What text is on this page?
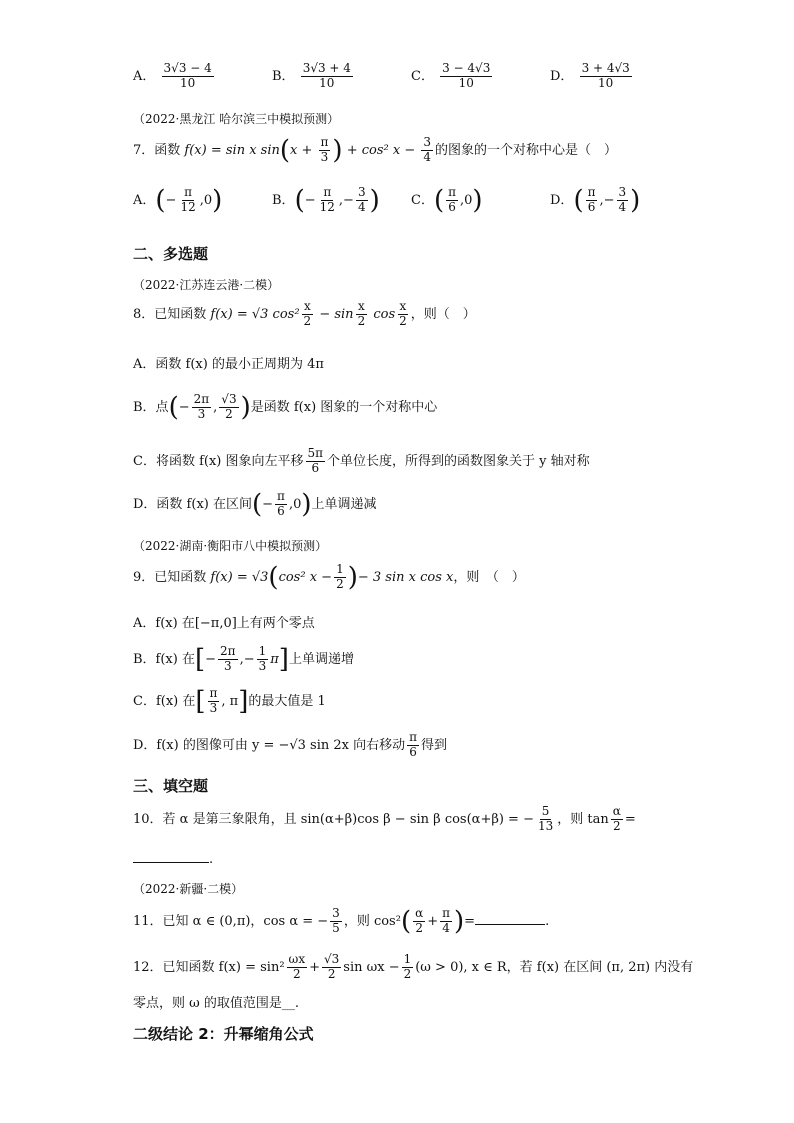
A． $\frac{3√3 - 4}{10}$	B． $\frac{3√3 + 4}{10}$	C． $\frac{3 - 4√3}{10}$	D． $\frac{3 + 4√3}{10}$
（2022·黑龙江 哈尔滨三中模拟预测）
7．函数 f(x) = sin x $\sin(x + \frac{\pi}{3}$ ) + cos² $x - \frac{3}{4}$ 的图象的一个对称中心是（　）
A．(− $\frac{\pi}{12} ,0$)	B．(− $\frac{\pi}{12}$ ,− $\frac{3}{4}$ ) C．( $\frac{\pi}{6} ,0$)	D．( $\frac{\pi}{6}$ ,− $\frac{3}{4}$ )
二、多选题
（2022·江苏连云港·二模）
8．已知函数 f(x) = √3 $\cos^2 \frac{x}{2} - \sin \frac{x}{2}$ $\cos \frac{x}{2}$ ，则（　）
A．函数 f(x) 的最小正周期为 4π
B．点(− $\frac{2\pi}{3}$ , $\frac{√3}{2}$ )是函数 f(x) 图象的一个对称中心
C．将函数 f(x) 图象向左平移 $\frac{5\pi}{6}$ 个单位长度，所得到的函数图象关于 y 轴对称
D．函数 f(x) 在区间(− $\frac{\pi}{6} ,0$)上单调递减
（2022·湖南·衡阳市八中模拟预测）
9．已知函数 f(x) = √3(cos² $x - \frac{1}{2}$ )− 3 sin x cos x，则　（　）
A．f(x) 在[−π,0]上有两个零点
B．f(x) 在[− $\frac{2\pi}{3}$ ,− $\frac{1}{3} \pi$]上单调递增
C．f(x) 在[ $\frac{\pi}{3}$ , π]的最大值是 1
D．f(x) 的图像可由 y = −√3 sin 2x 向右移动 $\frac{\pi}{6}$ 得到
三、填空题
10．若 α 是第三象限角，且 sin(α+β)cos β − sin β cos(α+β) = − $\frac{5}{13}$ ，则 $\tan \frac{\alpha}{2}$ =
.
（2022·新疆·二模）
11．已知 α ∈ (0,π)，cos α = − $\frac{3}{5}$ ，则 $\cos^2( \frac{\alpha}{2} + \frac{\pi}{4}$ )=	.
12．已知函数 $f(x) = \sin^2 \frac{\omega x}{2} + \frac{√3}{2}$ $\sin \omega x - \frac{1}{2} (\omega > 0)$, x ∈ R，若 f(x) 在区间 (π, 2π) 内没有
零点，则 ω 的取值范围是__.
二级结论 2：升幂缩角公式
